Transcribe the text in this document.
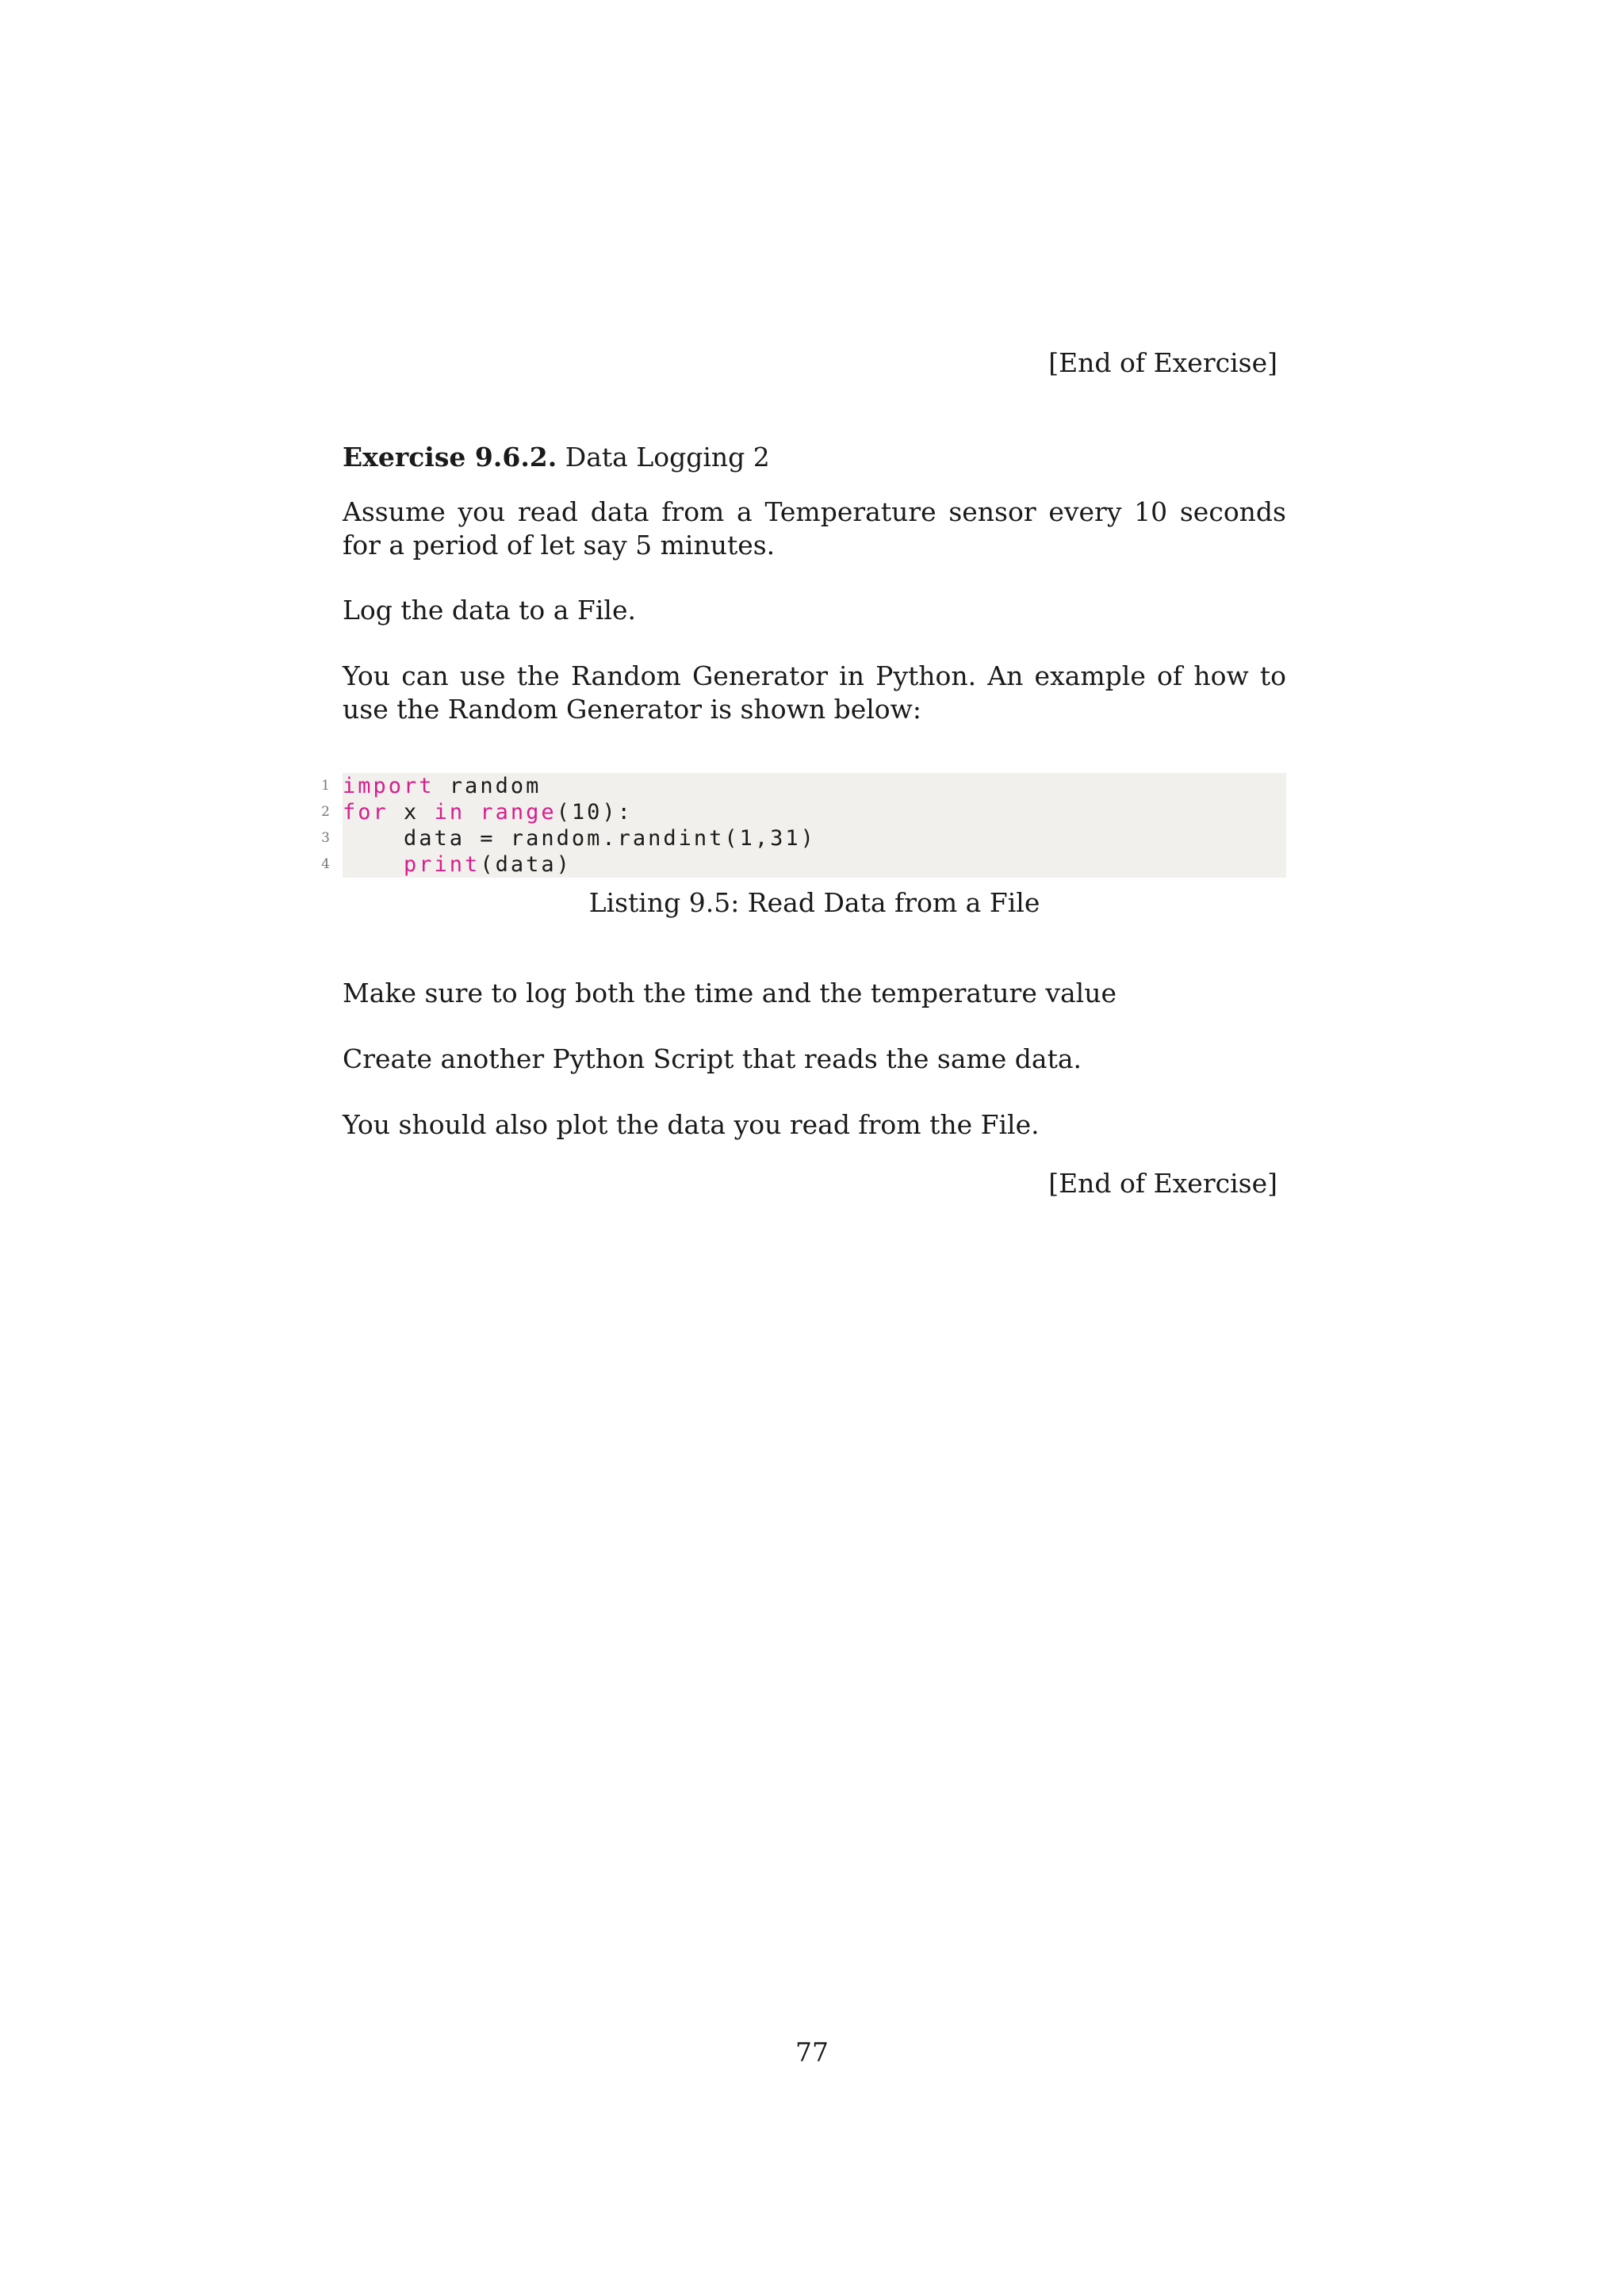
[End of Exercise]
Exercise 9.6.2. Data Logging 2
Assume you read data from a Temperature sensor every 10 seconds for a period of let say 5 minutes.
Log the data to a File.
You can use the Random Generator in Python. An example of how to use the Random Generator is shown below:
1
2
3
4
import random
for x in range(10):
data = random.randint(1,31)
print(data)
Listing 9.5: Read Data from a File
Make sure to log both the time and the temperature value
Create another Python Script that reads the same data.
You should also plot the data you read from the File.
[End of Exercise]
77
